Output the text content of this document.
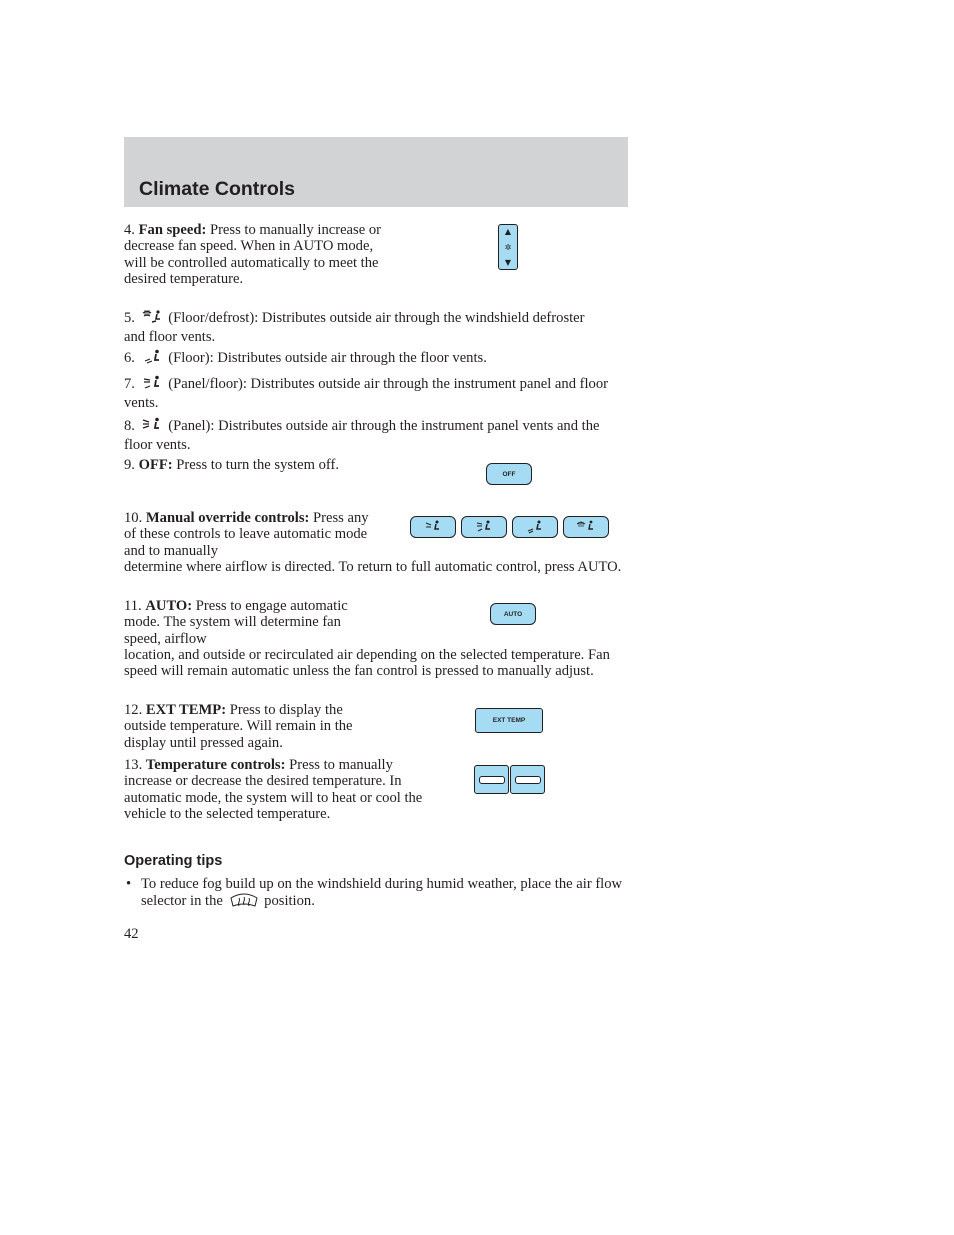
Climate Controls

4. Fan speed: Press to manually increase or decrease fan speed. When in AUTO mode, will be controlled automatically to meet the desired temperature.

▲
✲
▼

5. (Floor/defrost): Distributes outside air through the windshield defroster and floor vents.

6. (Floor): Distributes outside air through the floor vents.

7. (Panel/floor): Distributes outside air through the instrument panel and floor vents.

8. (Panel): Distributes outside air through the instrument panel vents and the floor vents.

9. OFF: Press to turn the system off.

OFF

10. Manual override controls: Press any of these controls to leave automatic mode and to manually

determine where airflow is directed. To return to full automatic control, press AUTO.

11. AUTO: Press to engage automatic mode. The system will determine fan speed, airflow

location, and outside or recirculated air depending on the selected temperature. Fan speed will remain automatic unless the fan control is pressed to manually adjust.

AUTO

12. EXT TEMP: Press to display the outside temperature. Will remain in the display until pressed again.

EXT TEMP

13. Temperature controls: Press to manually increase or decrease the desired temperature. In automatic mode, the system will to heat or cool the vehicle to the selected temperature.

Operating tips
• To reduce fog build up on the windshield during humid weather, place the air flow selector in the	position.

42
